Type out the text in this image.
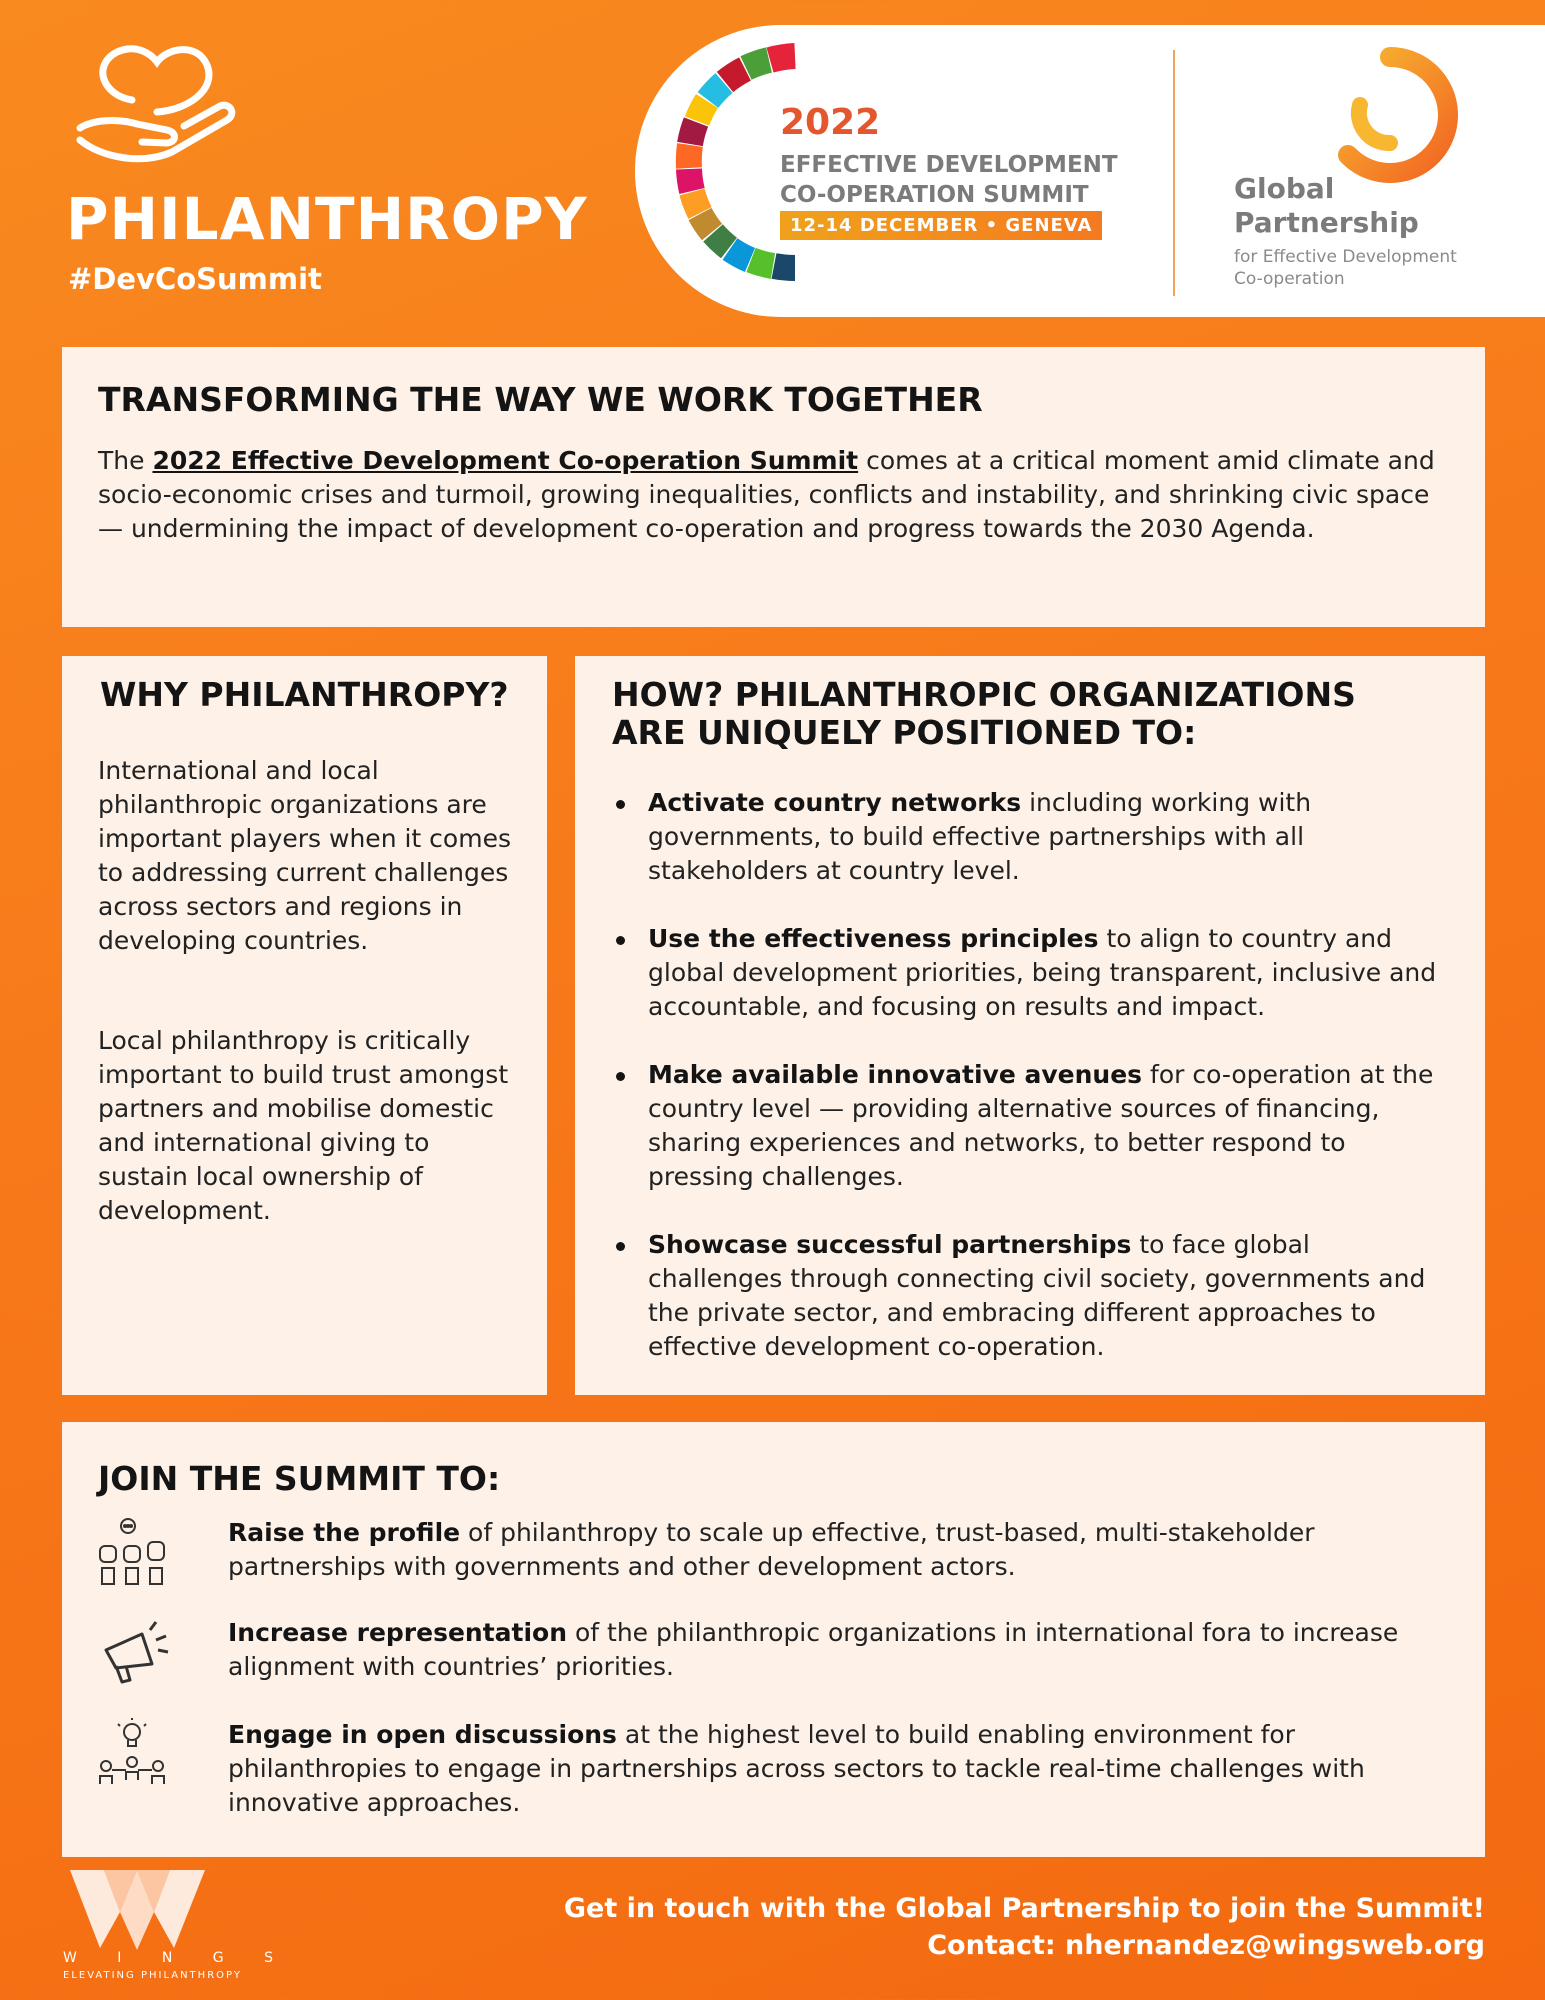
PHILANTHROPY
#DevCoSummit
2022
EFFECTIVE DEVELOPMENT
CO-OPERATION SUMMIT
12-14 DECEMBER • GENEVA
Global
Partnership
for Effective Development
Co-operation
TRANSFORMING THE WAY WE WORK TOGETHER
The 2022 Effective Development Co-operation Summit comes at a critical moment amid climate and socio-economic crises and turmoil, growing inequalities, conflicts and instability, and shrinking civic space — undermining the impact of development co-operation and progress towards the 2030 Agenda.
WHY PHILANTHROPY?
International and local philanthropic organizations are important players when it comes to addressing current challenges across sectors and regions in developing countries.
Local philanthropy is critically important to build trust amongst partners and mobilise domestic and international giving to sustain local ownership of development.
HOW? PHILANTHROPIC ORGANIZATIONS ARE UNIQUELY POSITIONED TO:
Activate country networks including working with governments, to build effective partnerships with all stakeholders at country level.
Use the effectiveness principles to align to country and global development priorities, being transparent, inclusive and accountable, and focusing on results and impact.
Make available innovative avenues for co-operation at the country level — providing alternative sources of financing, sharing experiences and networks, to better respond to pressing challenges.
Showcase successful partnerships to face global challenges through connecting civil society, governments and the private sector, and embracing different approaches to effective development co-operation.
JOIN THE SUMMIT TO:
Raise the profile of philanthropy to scale up effective, trust-based, multi-stakeholder partnerships with governments and other development actors.
Increase representation of the philanthropic organizations in international fora to increase alignment with countries’ priorities.
Engage in open discussions at the highest level to build enabling environment for philanthropies to engage in partnerships across sectors to tackle real-time challenges with innovative approaches.
W I N G S
ELEVATING PHILANTHROPY
Get in touch with the Global Partnership to join the Summit!
Contact: nhernandez@wingsweb.org
